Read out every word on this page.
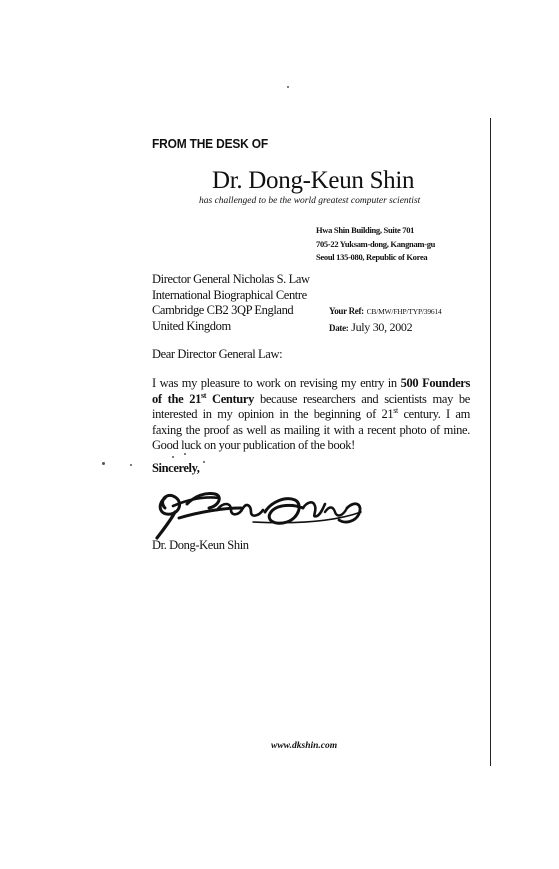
FROM THE DESK OF
Dr. Dong-Keun Shin
has challenged to be the world greatest computer scientist
Hwa Shin Building, Suite 701
705-22 Yuksam-dong, Kangnam-gu
Seoul 135-080, Republic of Korea
Director General Nicholas S. Law
International Biographical Centre
Cambridge CB2 3QP England
United Kingdom
Your Ref: CB/MW/FHP/TYP/39614
Date: July 30, 2002
Dear Director General Law:
I was my pleasure to work on revising my entry in 500 Founders of the 21st Century because researchers and scientists may be interested in my opinion in the beginning of 21st century. I am faxing the proof as well as mailing it with a recent photo of mine. Good luck on your publication of the book!
Sincerely,
Dr. Dong-Keun Shin
www.dkshin.com
